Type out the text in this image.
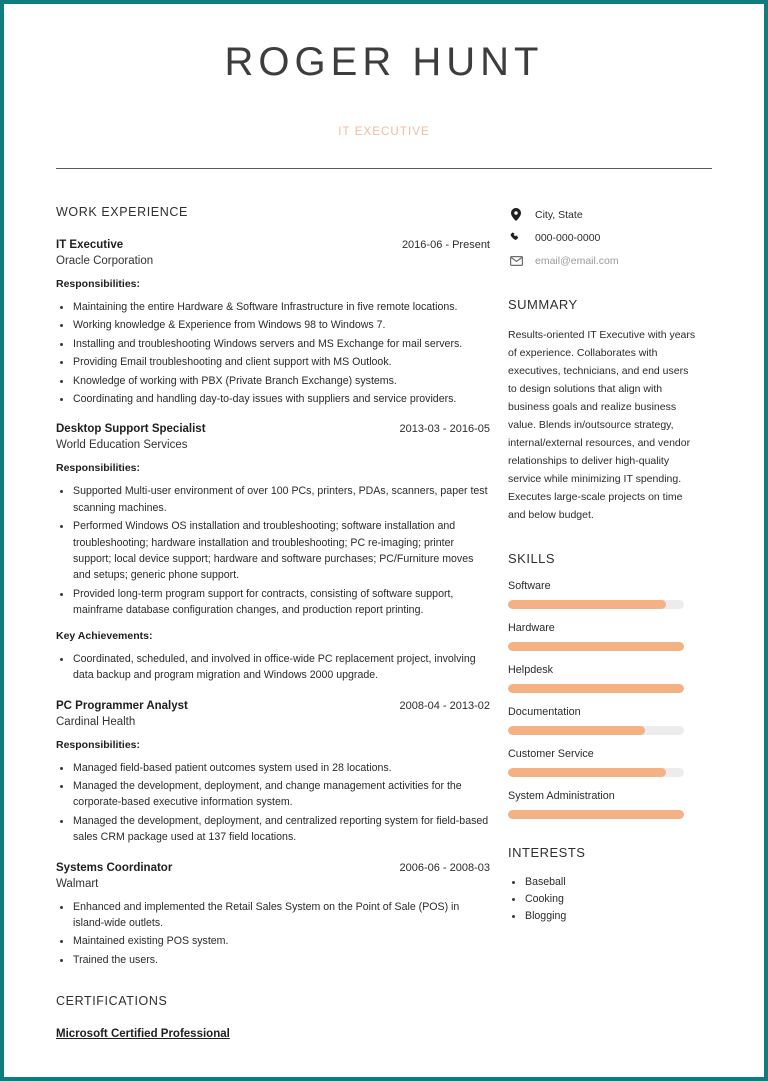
ROGER HUNT
IT EXECUTIVE
WORK EXPERIENCE
IT Executive	2016-06 - Present
Oracle Corporation
Responsibilities:
Maintaining the entire Hardware & Software Infrastructure in five remote locations.
Working knowledge & Experience from Windows 98 to Windows 7.
Installing and troubleshooting Windows servers and MS Exchange for mail servers.
Providing Email troubleshooting and client support with MS Outlook.
Knowledge of working with PBX (Private Branch Exchange) systems.
Coordinating and handling day-to-day issues with suppliers and service providers.
Desktop Support Specialist	2013-03 - 2016-05
World Education Services
Responsibilities:
Supported Multi-user environment of over 100 PCs, printers, PDAs, scanners, paper test scanning machines.
Performed Windows OS installation and troubleshooting; software installation and troubleshooting; hardware installation and troubleshooting; PC re-imaging; printer support; local device support; hardware and software purchases; PC/Furniture moves and setups; generic phone support.
Provided long-term program support for contracts, consisting of software support, mainframe database configuration changes, and production report printing.
Key Achievements:
Coordinated, scheduled, and involved in office-wide PC replacement project, involving data backup and program migration and Windows 2000 upgrade.
PC Programmer Analyst	2008-04 - 2013-02
Cardinal Health
Responsibilities:
Managed field-based patient outcomes system used in 28 locations.
Managed the development, deployment, and change management activities for the corporate-based executive information system.
Managed the development, deployment, and centralized reporting system for field-based sales CRM package used at 137 field locations.
Systems Coordinator	2006-06 - 2008-03
Walmart
Enhanced and implemented the Retail Sales System on the Point of Sale (POS) in island-wide outlets.
Maintained existing POS system.
Trained the users.
CERTIFICATIONS
Microsoft Certified Professional
City, State
000-000-0000
email@email.com
SUMMARY
Results-oriented IT Executive with years of experience. Collaborates with executives, technicians, and end users to design solutions that align with business goals and realize business value. Blends in/outsource strategy, internal/external resources, and vendor relationships to deliver high-quality service while minimizing IT spending. Executes large-scale projects on time and below budget.
SKILLS
Software
Hardware
Helpdesk
Documentation
Customer Service
System Administration
INTERESTS
Baseball
Cooking
Blogging
